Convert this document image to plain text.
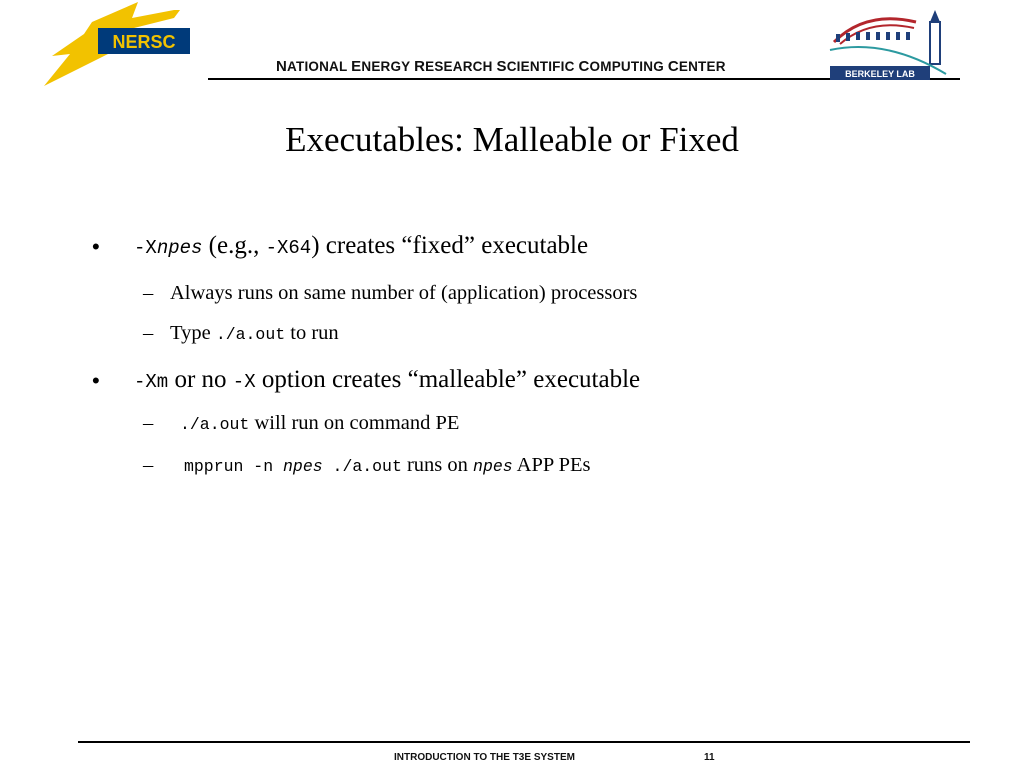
NERSC
NATIONAL ENERGY RESEARCH SCIENTIFIC COMPUTING CENTER	BERKELEY LAB
Executables: Malleable or Fixed
• -Xnpes (e.g., -X64) creates “fixed” executable
– Always runs on same number of (application) processors
– Type ./a.out to run
• -Xm or no -X option creates “malleable” executable
– ./a.out will run on command PE
– mpprun -n npes ./a.out runs on npes APP PEs
INTRODUCTION TO THE T3E SYSTEM	11
